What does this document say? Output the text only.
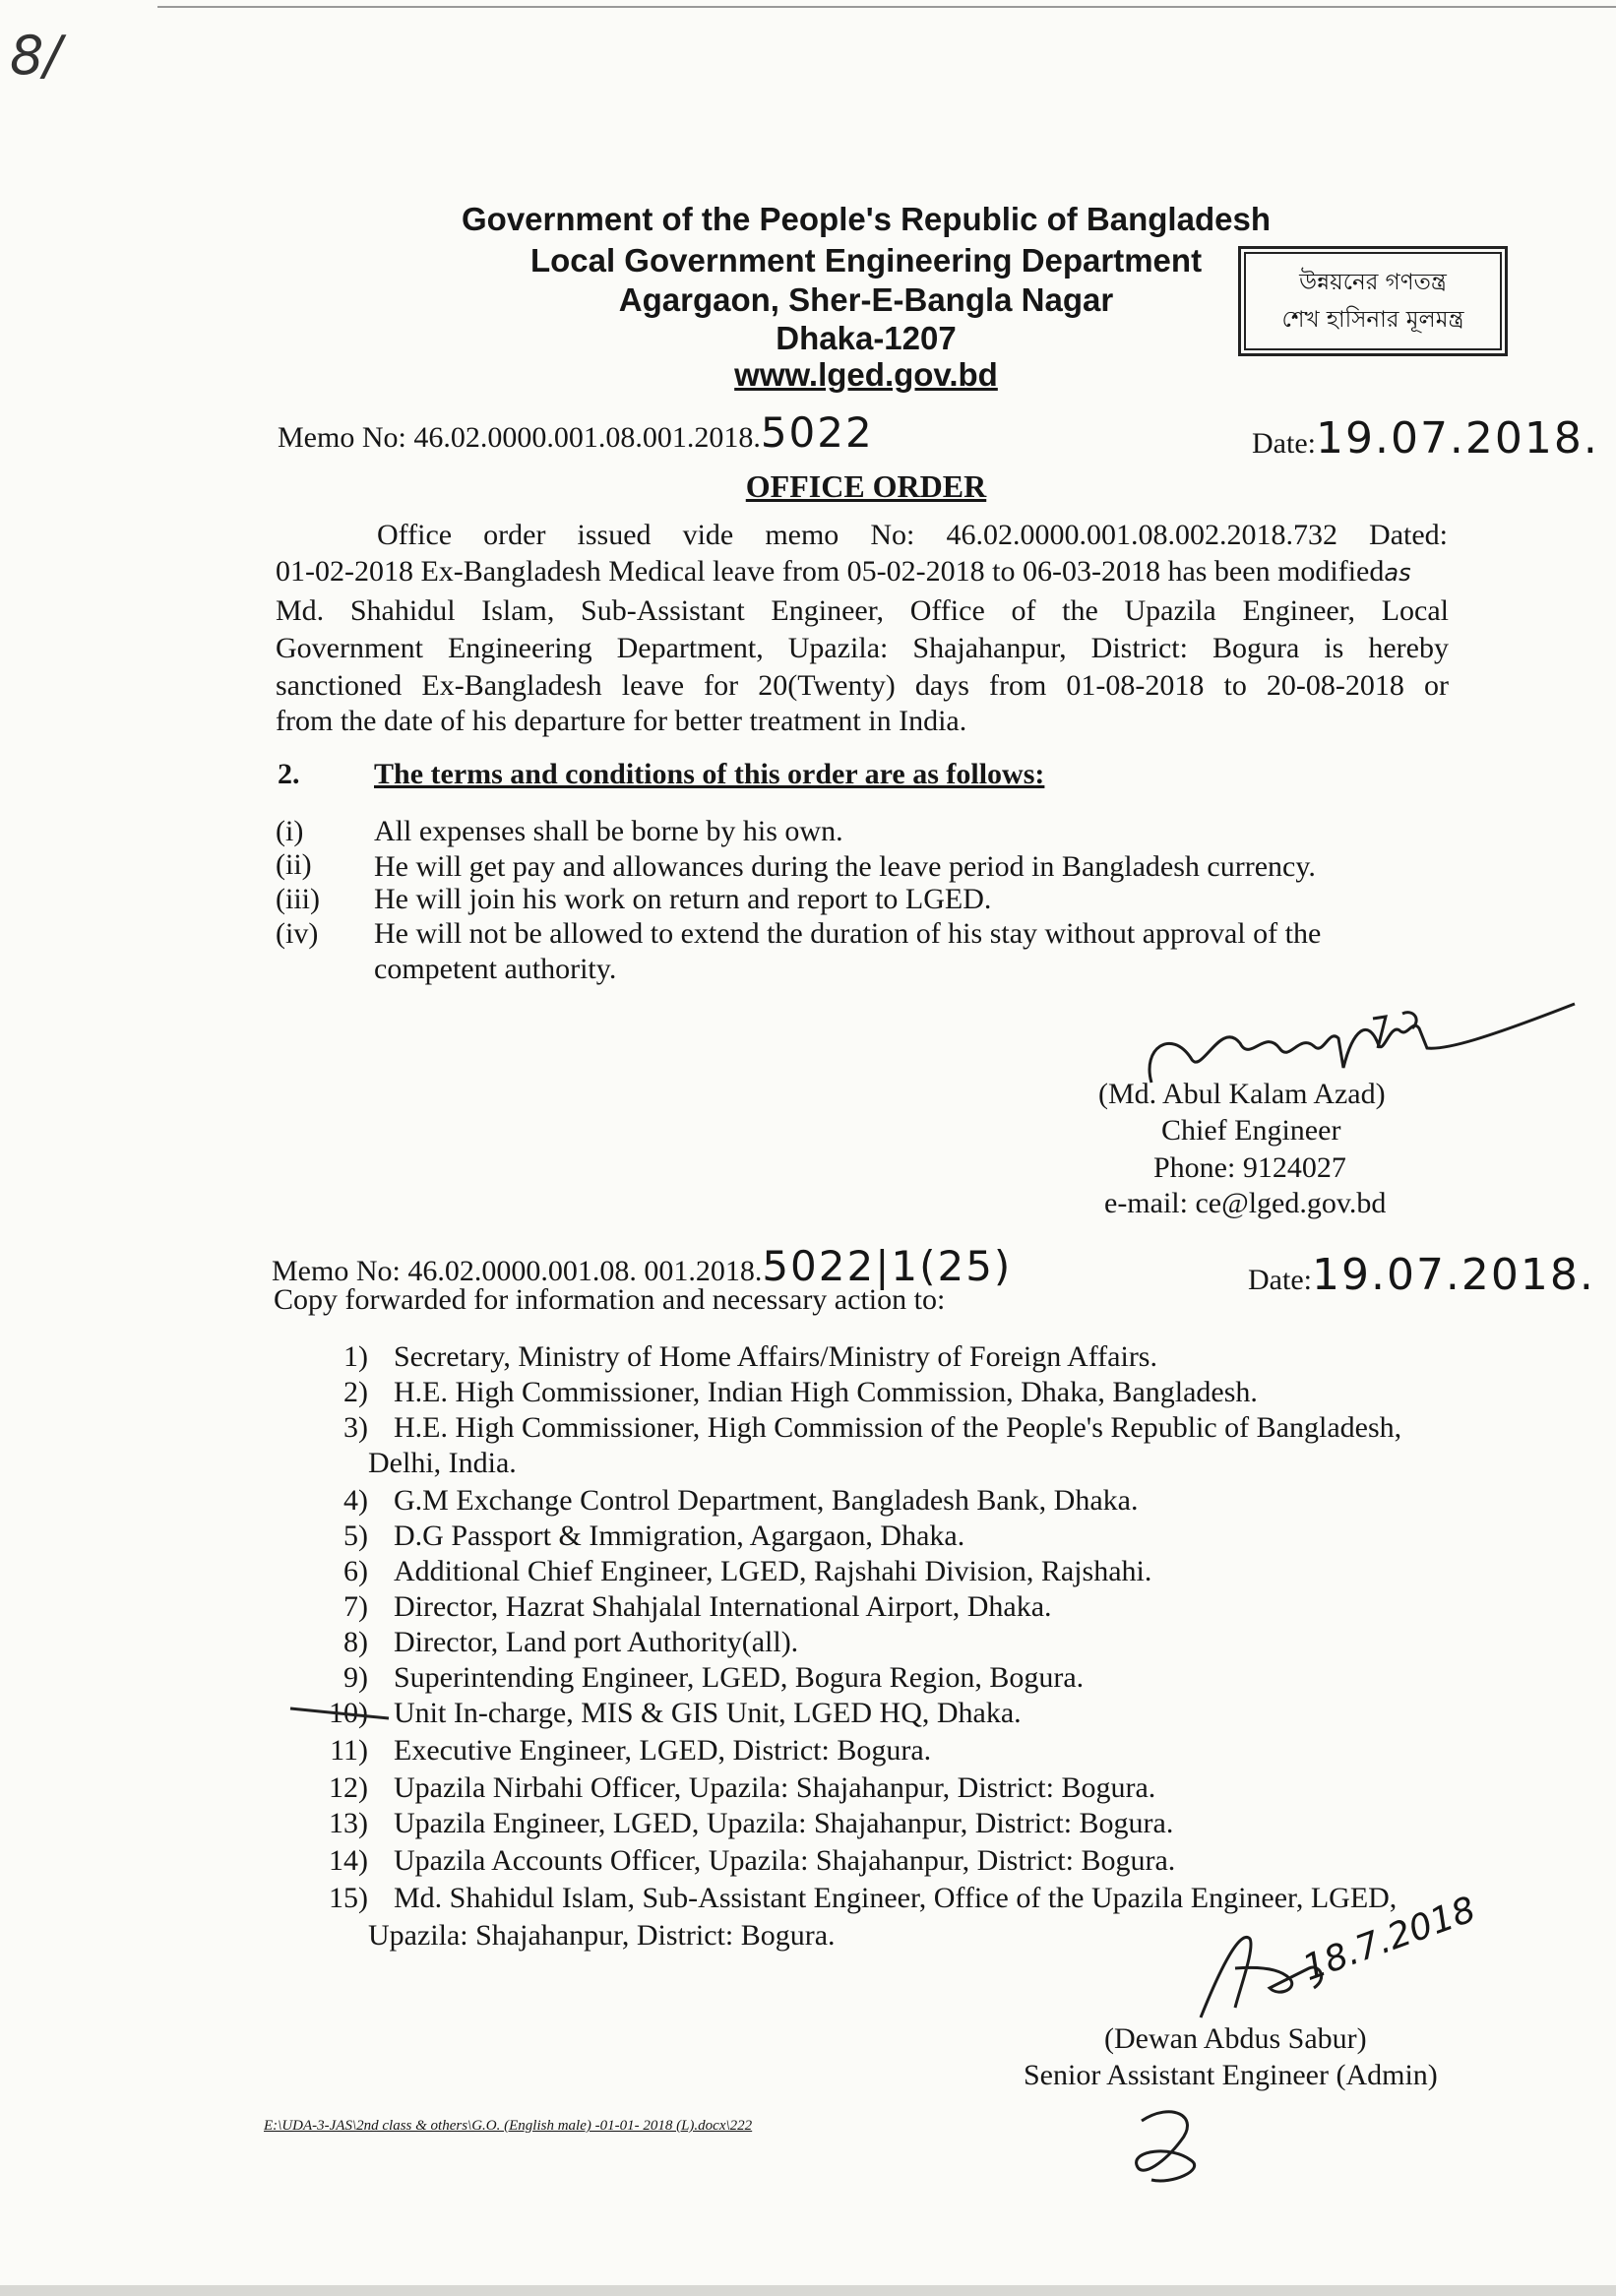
8/
Government of the People's Republic of Bangladesh
Local Government Engineering Department
Agargaon, Sher-E-Bangla Nagar
Dhaka-1207
www.lged.gov.bd
উন্নয়নের গণতন্ত্র
শেখ হাসিনার মূলমন্ত্র
Memo No: 46.02.0000.001.08.001.2018.5022	Date:19.07.2018.
OFFICE ORDER
Office order issued vide memo No: 46.02.0000.001.08.002.2018.732 Dated:
01-02-2018 Ex-Bangladesh Medical leave from 05-02-2018 to 06-03-2018 has been modifiedas
Md. Shahidul Islam, Sub-Assistant Engineer, Office of the Upazila Engineer, Local
Government Engineering Department, Upazila: Shajahanpur, District: Bogura is hereby
sanctioned Ex-Bangladesh leave for 20(Twenty) days from 01-08-2018 to 20-08-2018 or
from the date of his departure for better treatment in India.
2.	The terms and conditions of this order are as follows:
(i) All expenses shall be borne by his own.
(ii) He will get pay and allowances during the leave period in Bangladesh currency.
(iii) He will join his work on return and report to LGED.
(iv) He will not be allowed to extend the duration of his stay without approval of the
competent authority.
(Md. Abul Kalam Azad)
Chief Engineer
Phone: 9124027
e-mail: ce@lged.gov.bd
Memo No: 46.02.0000.001.08. 001.2018.5022|1(25)	Date:19.07.2018.
Copy forwarded for information and necessary action to:
1) Secretary, Ministry of Home Affairs/Ministry of Foreign Affairs.
2) H.E. High Commissioner, Indian High Commission, Dhaka, Bangladesh.
3) H.E. High Commissioner, High Commission of the People's Republic of Bangladesh,
Delhi, India.
4) G.M Exchange Control Department, Bangladesh Bank, Dhaka.
5) D.G Passport & Immigration, Agargaon, Dhaka.
6) Additional Chief Engineer, LGED, Rajshahi Division, Rajshahi.
7) Director, Hazrat Shahjalal International Airport, Dhaka.
8) Director, Land port Authority(all).
9) Superintending Engineer, LGED, Bogura Region, Bogura.
10) Unit In-charge, MIS & GIS Unit, LGED HQ, Dhaka.
11) Executive Engineer, LGED, District: Bogura.
12) Upazila Nirbahi Officer, Upazila: Shajahanpur, District: Bogura.
13) Upazila Engineer, LGED, Upazila: Shajahanpur, District: Bogura.
14) Upazila Accounts Officer, Upazila: Shajahanpur, District: Bogura.
15) Md. Shahidul Islam, Sub-Assistant Engineer, Office of the Upazila Engineer, LGED,
Upazila: Shajahanpur, District: Bogura.	18.7.2018
(Dewan Abdus Sabur)
Senior Assistant Engineer (Admin)
E:\UDA-3-JAS\2nd class & others\G.O. (English male) -01-01- 2018 (L).docx\222
